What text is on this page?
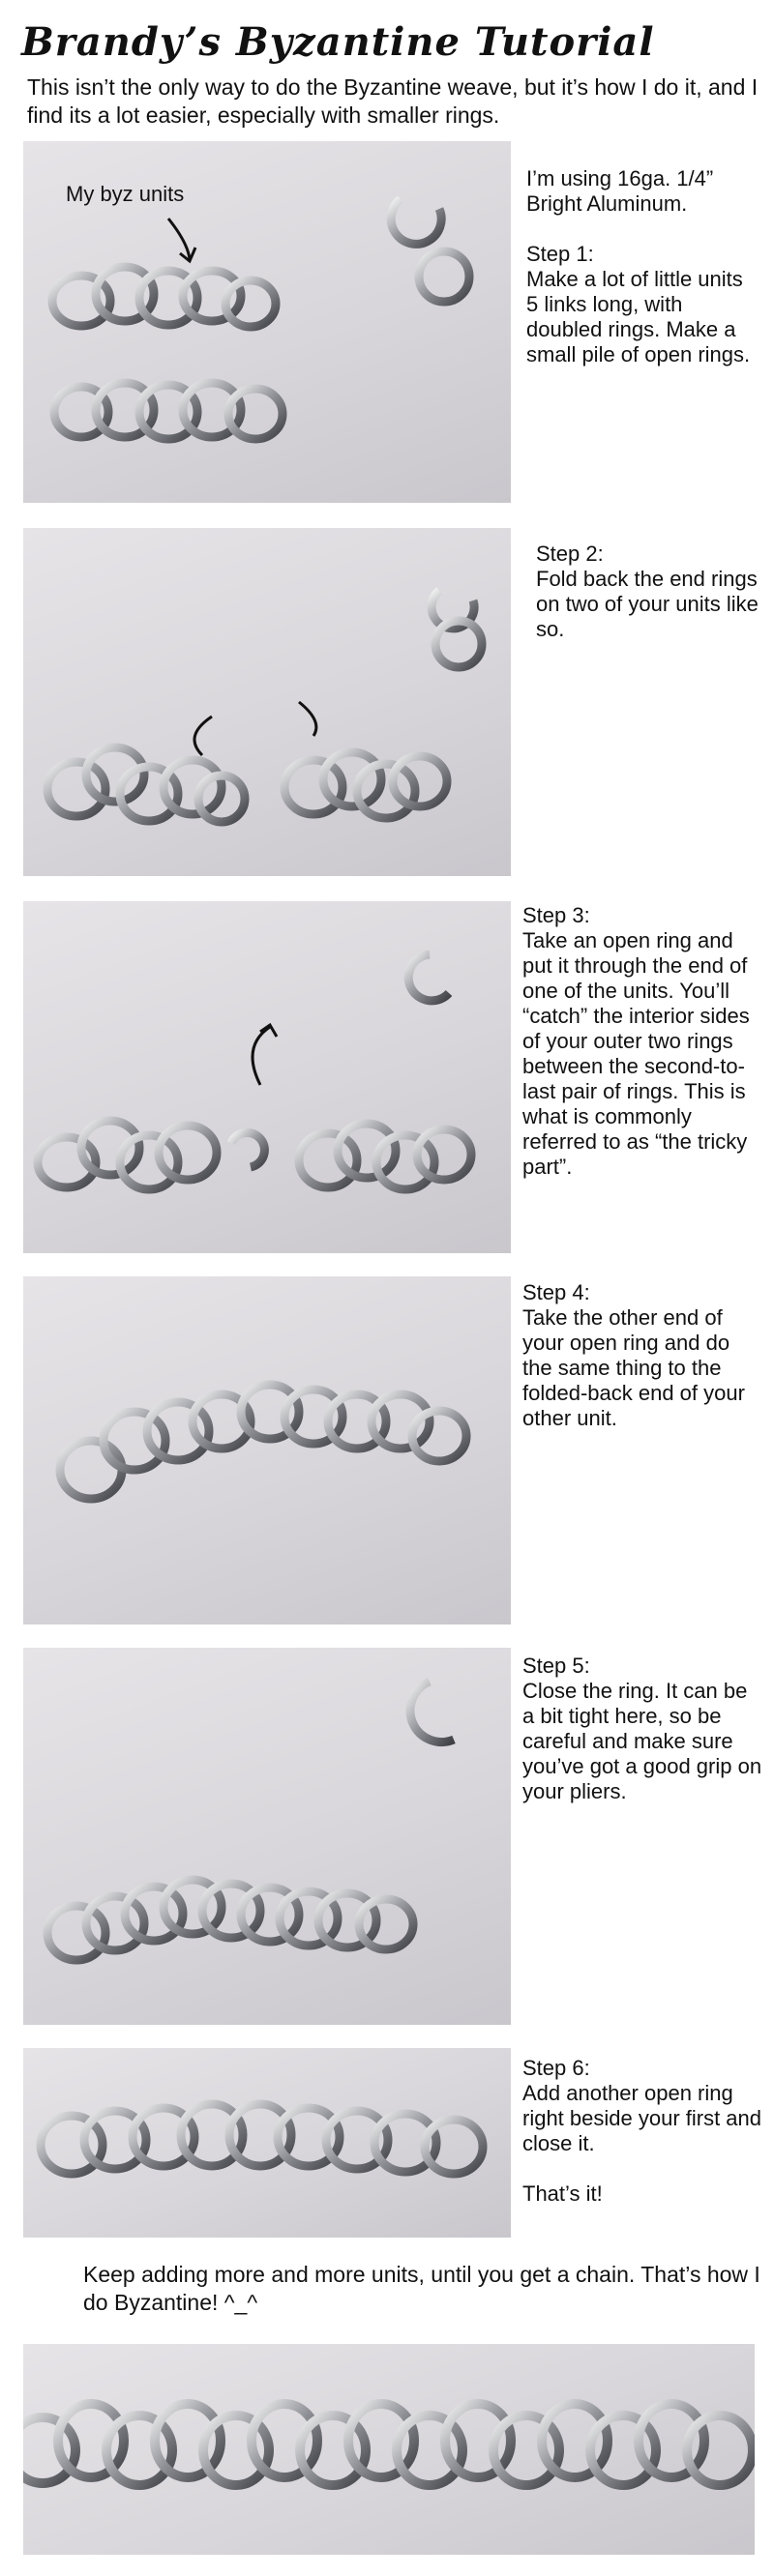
Brandy’s Byzantine Tutorial
This isn’t the only way to do the Byzantine weave, but it’s how I do it, and I find its a lot easier, especially with smaller rings.
My byz units

I’m using 16ga. 1/4” Bright Aluminum.

Step 1:
Make a lot of little units 5 links long, with doubled rings. Make a small pile of open rings.
Step 2:
Fold back the end rings on two of your units like so.
Step 3:
Take an open ring and put it through the end of one of the units. You’ll “catch” the interior sides of your outer two rings between the second-to-last pair of rings. This is what is commonly referred to as “the tricky part”.
Step 4:
Take the other end of your open ring and do the same thing to the folded-back end of your other unit.
Step 5:
Close the ring. It can be a bit tight here, so be careful and make sure you’ve got a good grip on your pliers.
Step 6:

Add another open ring right beside your first and close it.

That’s it!
Keep adding more and more units, until you get a chain. That’s how I do Byzantine! ^_^
